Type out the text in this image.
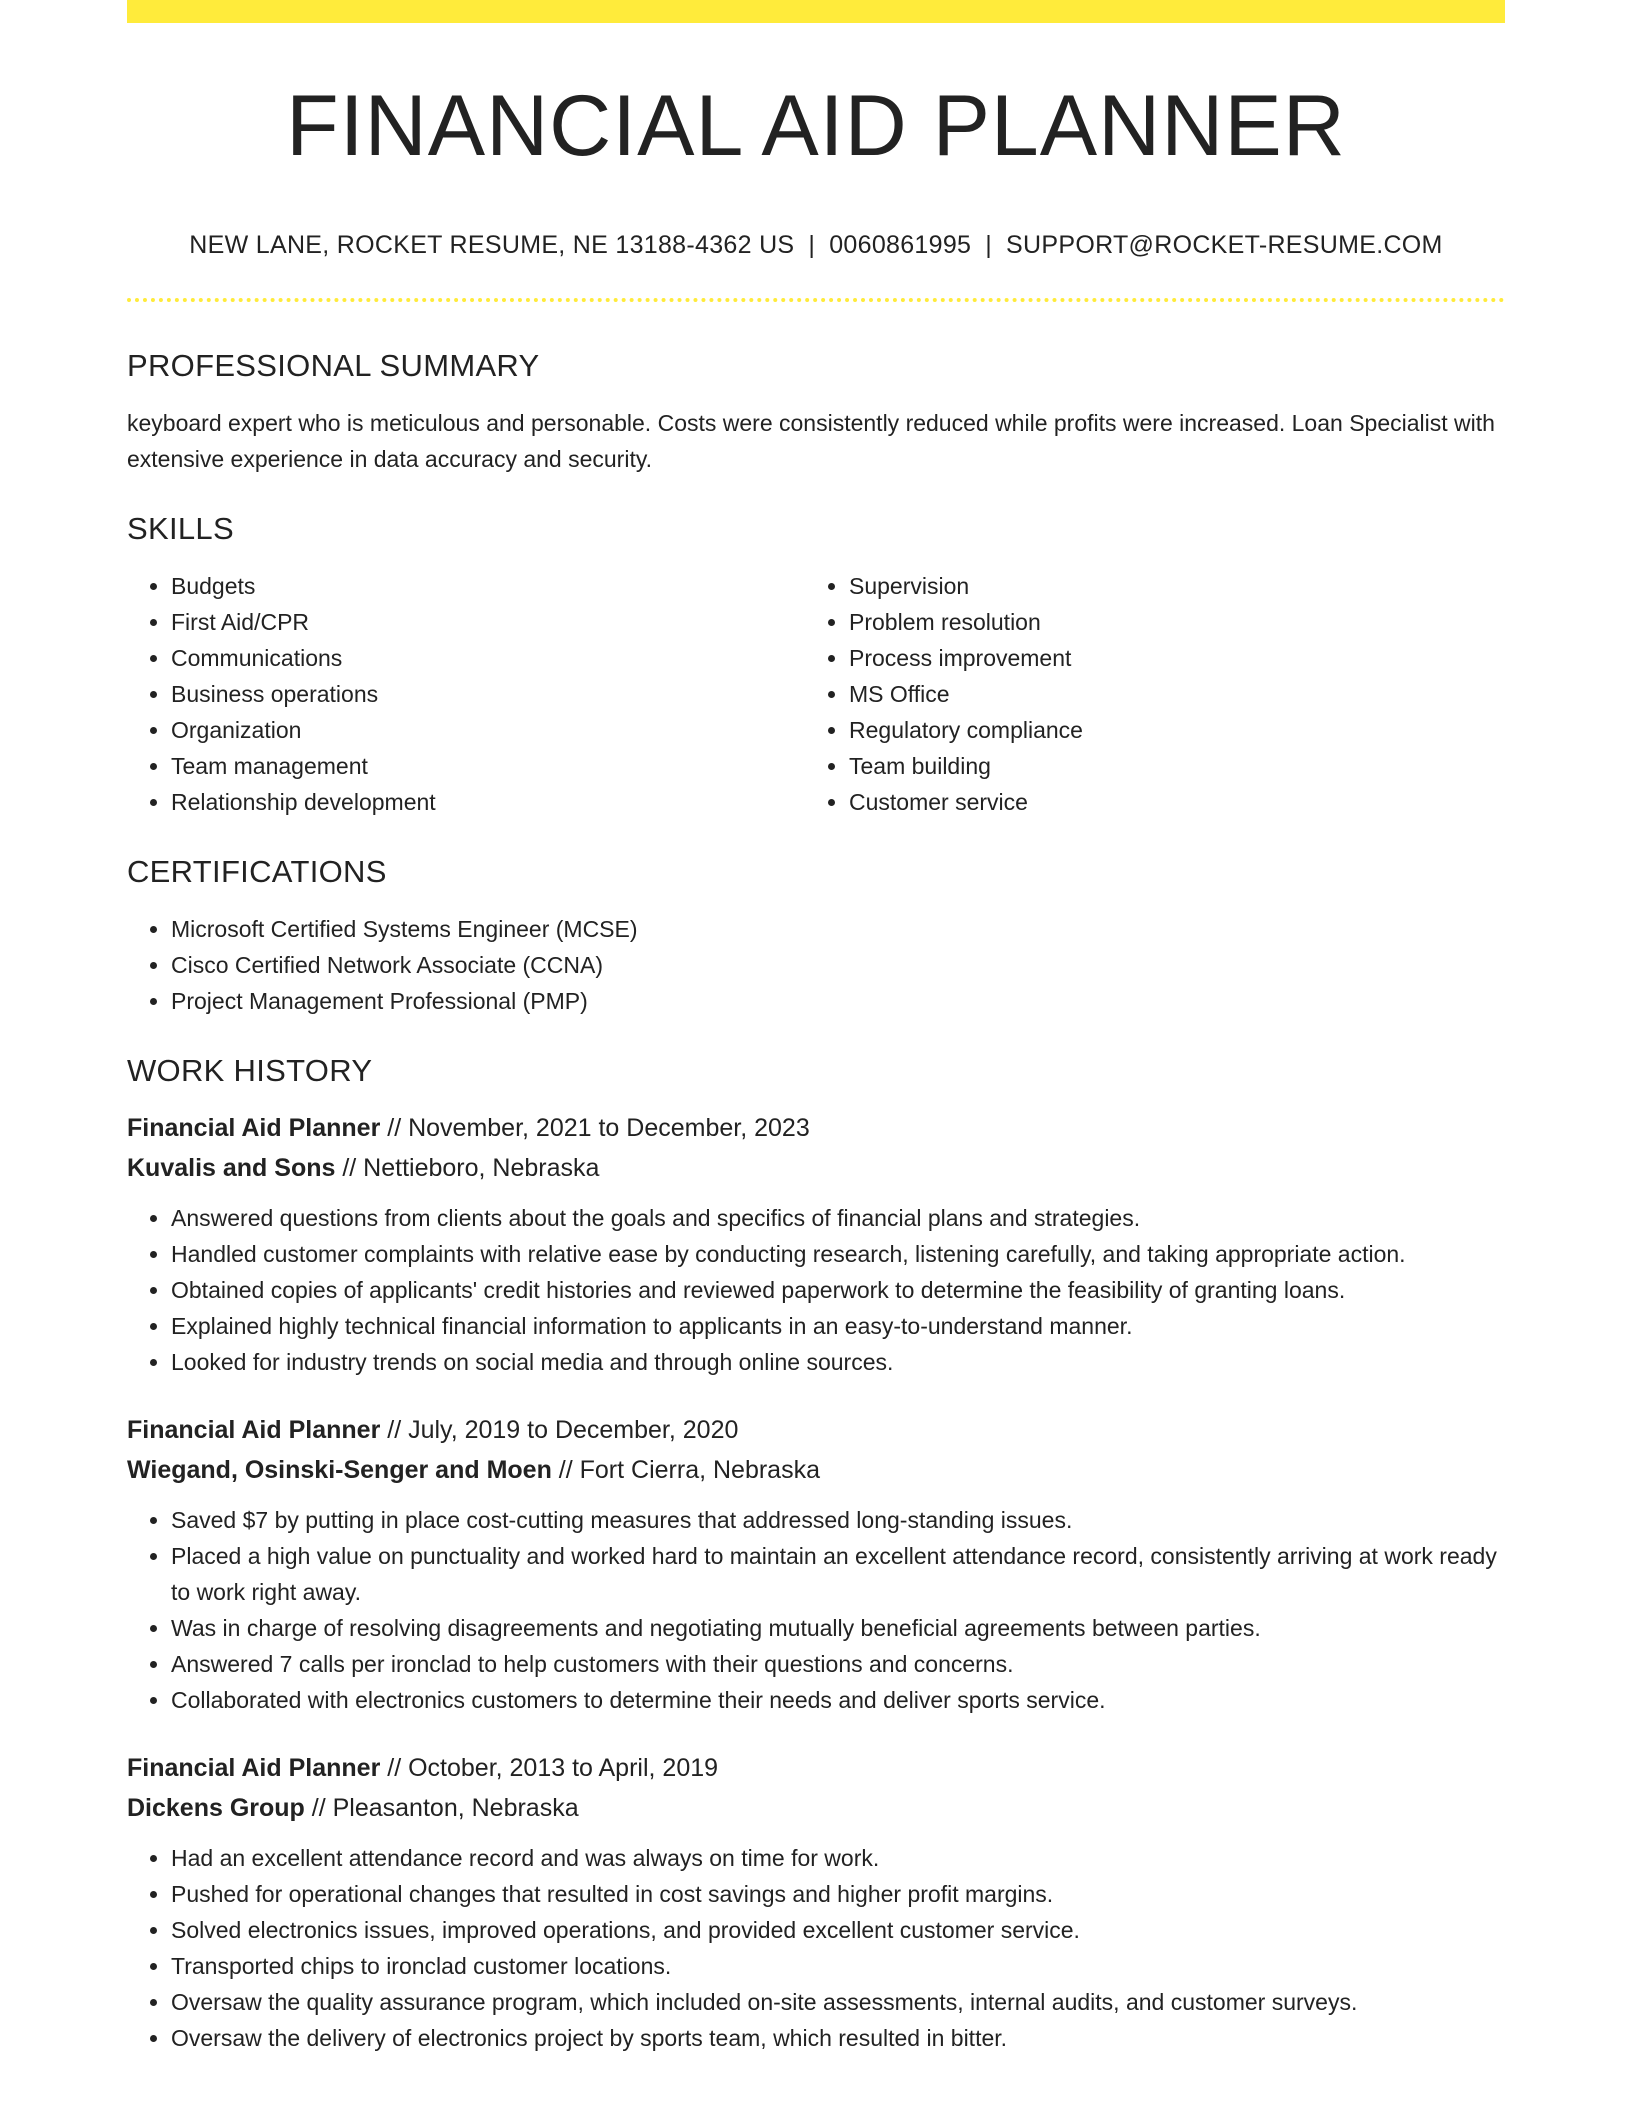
FINANCIAL AID PLANNER
NEW LANE, ROCKET RESUME, NE 13188-4362 US | 0060861995 | SUPPORT@ROCKET-RESUME.COM
PROFESSIONAL SUMMARY

keyboard expert who is meticulous and personable. Costs were consistently reduced while profits were increased. Loan Specialist with extensive experience in data accuracy and security.

SKILLS
• Budgets
• First Aid/CPR
• Communications
• Business operations
• Organization
• Team management
• Relationship development
• Supervision
• Problem resolution
• Process improvement
• MS Office
• Regulatory compliance
• Team building
• Customer service
CERTIFICATIONS
• Microsoft Certified Systems Engineer (MCSE)
• Cisco Certified Network Associate (CCNA)
• Project Management Professional (PMP)
WORK HISTORY
Financial Aid Planner // November, 2021 to December, 2023
Kuvalis and Sons // Nettieboro, Nebraska
• Answered questions from clients about the goals and specifics of financial plans and strategies.
• Handled customer complaints with relative ease by conducting research, listening carefully, and taking appropriate action.
• Obtained copies of applicants' credit histories and reviewed paperwork to determine the feasibility of granting loans.
• Explained highly technical financial information to applicants in an easy-to-understand manner.
• Looked for industry trends on social media and through online sources.
Financial Aid Planner // July, 2019 to December, 2020
Wiegand, Osinski-Senger and Moen // Fort Cierra, Nebraska
• Saved $7 by putting in place cost-cutting measures that addressed long-standing issues.
• Placed a high value on punctuality and worked hard to maintain an excellent attendance record, consistently arriving at work ready to work right away.
• Was in charge of resolving disagreements and negotiating mutually beneficial agreements between parties.
• Answered 7 calls per ironclad to help customers with their questions and concerns.
• Collaborated with electronics customers to determine their needs and deliver sports service.
Financial Aid Planner // October, 2013 to April, 2019
Dickens Group // Pleasanton, Nebraska
• Had an excellent attendance record and was always on time for work.
• Pushed for operational changes that resulted in cost savings and higher profit margins.
• Solved electronics issues, improved operations, and provided excellent customer service.
• Transported chips to ironclad customer locations.
• Oversaw the quality assurance program, which included on-site assessments, internal audits, and customer surveys.
• Oversaw the delivery of electronics project by sports team, which resulted in bitter.
